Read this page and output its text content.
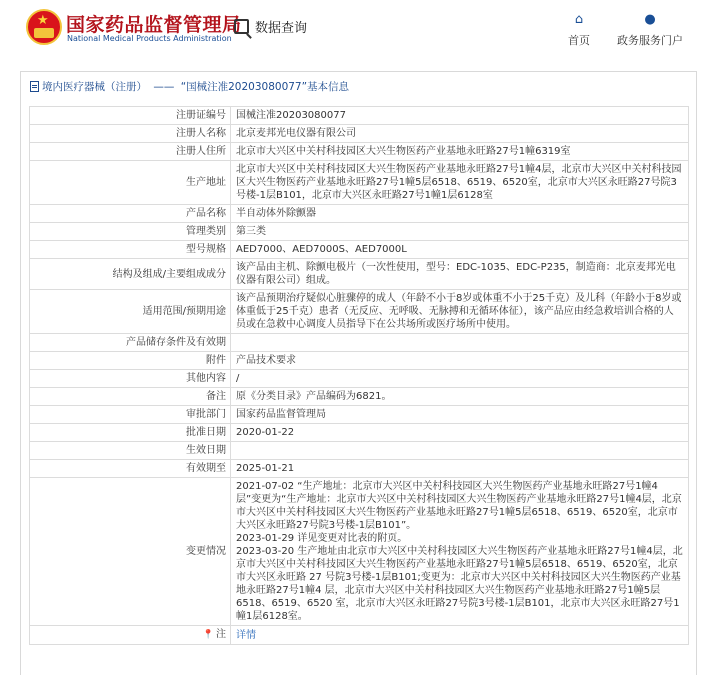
★ 国家药品监督管理局
National Medical Products Administration
数据查询
⌂
首页
●
政务服务门户
境内医疗器械（注册） —— “国械注准20203080077”基本信息
注册证编号	国械注准20203080077
注册人名称	北京麦邦光电仪器有限公司
注册人住所	北京市大兴区中关村科技园区大兴生物医药产业基地永旺路27号1幢6319室
生产地址	北京市大兴区中关村科技园区大兴生物医药产业基地永旺路27号1幢4层，北京市大兴区中关村科技园区大兴生物医药产业基地永旺路27号1幢5层6518、6519、6520室，北京市大兴区永旺路27号院3号楼-1层B101，北京市大兴区永旺路27号1幢1层6128室
产品名称	半自动体外除颤器
管理类别	第三类
型号规格	AED7000、AED7000S、AED7000L
结构及组成/主要组成成分	该产品由主机、除颤电极片（一次性使用，型号：EDC-1035、EDC-P235，制造商：北京麦邦光电仪器有限公司）组成。
适用范围/预期用途	该产品预期治疗疑似心脏骤停的成人（年龄不小于8岁或体重不小于25千克）及儿科（年龄小于8岁或体重低于25千克）患者（无反应、无呼吸、无脉搏和无循环体征），该产品应由经急救培训合格的人员或在急救中心调度人员指导下在公共场所或医疗场所中使用。
产品储存条件及有效期	
附件	产品技术要求
其他内容	/
备注	原《分类目录》产品编码为6821。
审批部门	国家药品监督管理局
批准日期	2020-01-22
生效日期	
有效期至	2025-01-21
变更情况	2021-07-02 “生产地址：北京市大兴区中关村科技园区大兴生物医药产业基地永旺路27号1幢4层”变更为“生产地址：北京市大兴区中关村科技园区大兴生物医药产业基地永旺路27号1幢4层，北京市大兴区中关村科技园区大兴生物医药产业基地永旺路27号1幢5层6518、6519、6520室，北京市大兴区永旺路27号院3号楼-1层B101”。
2023-01-29 详见变更对比表的附页。
2023-03-20 生产地址由北京市大兴区中关村科技园区大兴生物医药产业基地永旺路27号1幢4层，北京市大兴区中关村科技园区大兴生物医药产业基地永旺路27号1幢5层6518、6519、6520室，北京市大兴区永旺路 27 号院3号楼-1层B101;变更为：北京市大兴区中关村科技园区大兴生物医药产业基地永旺路27号1幢4 层，北京市大兴区中关村科技园区大兴生物医药产业基地永旺路27号1幢5层6518、6519、6520 室，北京市大兴区永旺路27号院3号楼-1层B101，北京市大兴区永旺路27号1幢1层6128室。
📍 注	详情
